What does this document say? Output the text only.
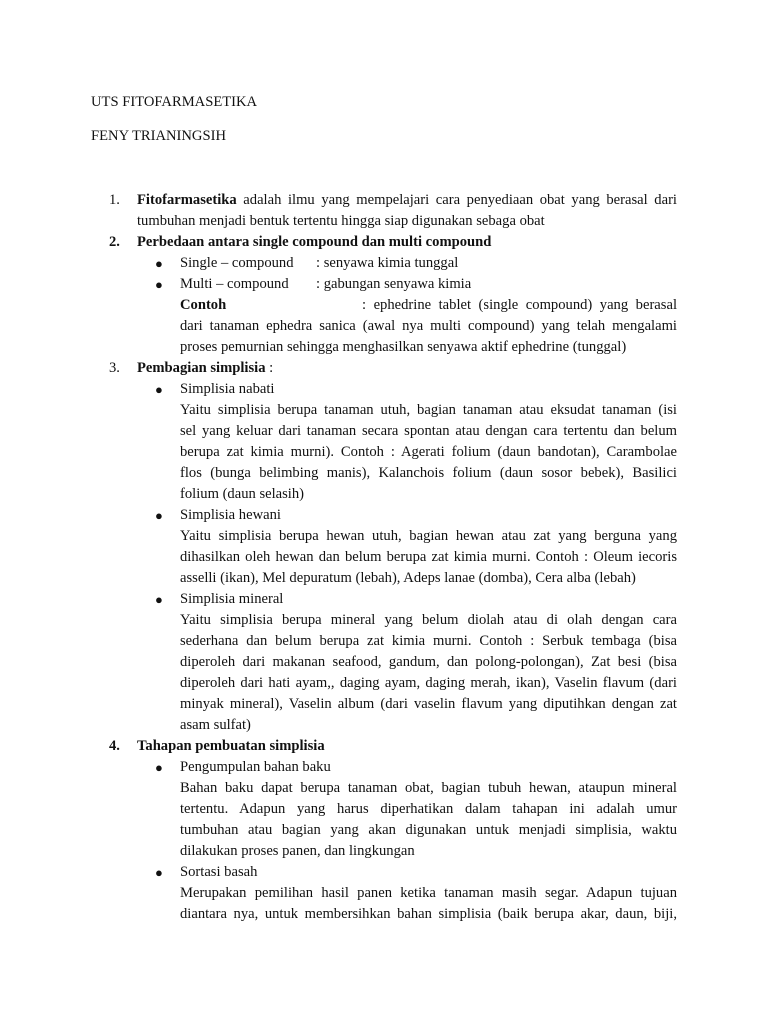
UTS FITOFARMASETIKA
FENY TRIANINGSIH
1. Fitofarmasetika adalah ilmu yang mempelajari cara penyediaan obat yang berasal dari
tumbuhan menjadi bentuk tertentu hingga siap digunakan sebaga obat
2. Perbedaan antara single compound dan multi compound
● Single – compound : senyawa kimia tunggal
● Multi – compound : gabungan senyawa kimia
Contoh	: ephedrine tablet (single compound) yang berasal
dari tanaman ephedra sanica (awal nya multi compound) yang telah mengalami
proses pemurnian sehingga menghasilkan senyawa aktif ephedrine (tunggal)
3. Pembagian simplisia :
● Simplisia nabati
Yaitu simplisia berupa tanaman utuh, bagian tanaman atau eksudat tanaman (isi
sel yang keluar dari tanaman secara spontan atau dengan cara tertentu dan belum
berupa zat kimia murni). Contoh : Agerati folium (daun bandotan), Carambolae
flos (bunga belimbing manis), Kalanchois folium (daun sosor bebek), Basilici
folium (daun selasih)
● Simplisia hewani
Yaitu simplisia berupa hewan utuh, bagian hewan atau zat yang berguna yang
dihasilkan oleh hewan dan belum berupa zat kimia murni. Contoh : Oleum iecoris
asselli (ikan), Mel depuratum (lebah), Adeps lanae (domba), Cera alba (lebah)
● Simplisia mineral
Yaitu simplisia berupa mineral yang belum diolah atau di olah dengan cara
sederhana dan belum berupa zat kimia murni. Contoh : Serbuk tembaga (bisa
diperoleh dari makanan seafood, gandum, dan polong-polongan), Zat besi (bisa
diperoleh dari hati ayam,, daging ayam, daging merah, ikan), Vaselin flavum (dari
minyak mineral), Vaselin album (dari vaselin flavum yang diputihkan dengan zat
asam sulfat)
4. Tahapan pembuatan simplisia
● Pengumpulan bahan baku
Bahan baku dapat berupa tanaman obat, bagian tubuh hewan, ataupun mineral
tertentu. Adapun yang harus diperhatikan dalam tahapan ini adalah umur
tumbuhan atau bagian yang akan digunakan untuk menjadi simplisia, waktu
dilakukan proses panen, dan lingkungan
● Sortasi basah
Merupakan pemilihan hasil panen ketika tanaman masih segar. Adapun tujuan
diantara nya, untuk membersihkan bahan simplisia (baik berupa akar, daun, biji,
